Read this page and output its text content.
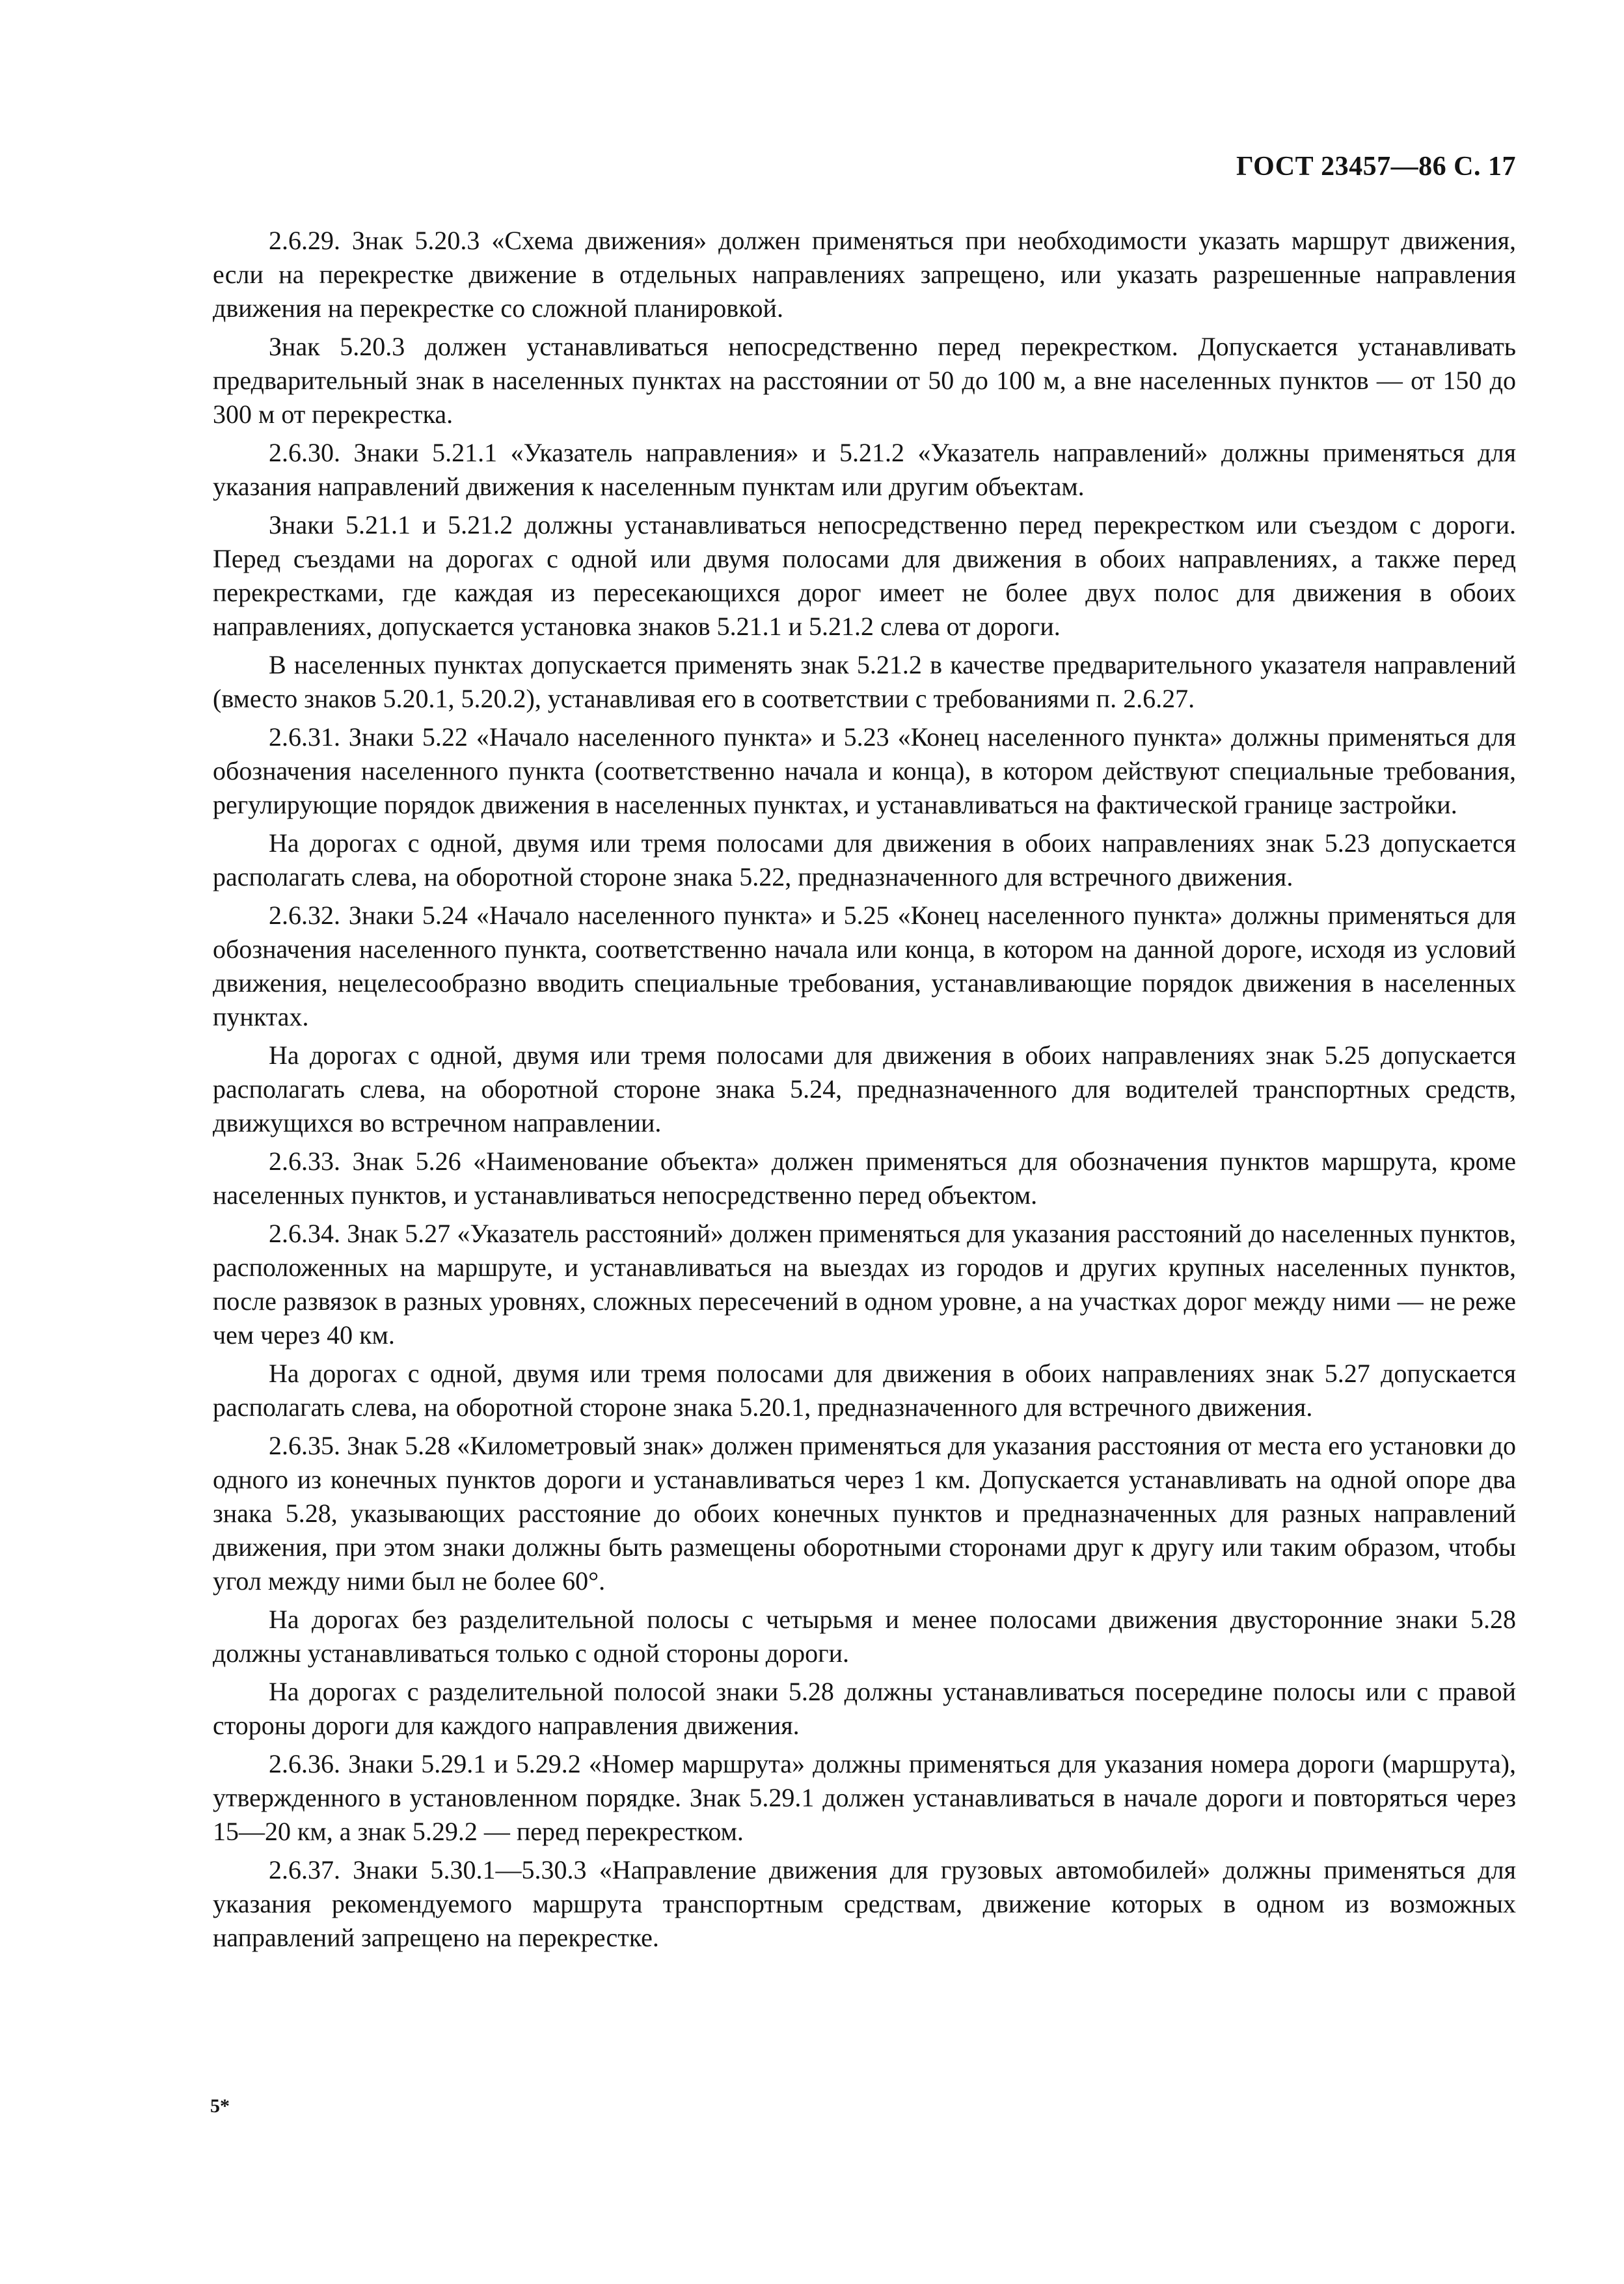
ГОСТ 23457—86 С. 17

2.6.29. Знак 5.20.3 «Схема движения» должен применяться при необходимости указать маршрут движения, если на перекрестке движение в отдельных направлениях запрещено, или указать разрешенные направления движения на перекрестке со сложной планировкой.

Знак 5.20.3 должен устанавливаться непосредственно перед перекрестком. Допускается устанавливать предварительный знак в населенных пунктах на расстоянии от 50 до 100 м, а вне населенных пунктов — от 150 до 300 м от перекрестка.

2.6.30. Знаки 5.21.1 «Указатель направления» и 5.21.2 «Указатель направлений» должны применяться для указания направлений движения к населенным пунктам или другим объектам.

Знаки 5.21.1 и 5.21.2 должны устанавливаться непосредственно перед перекрестком или съездом с дороги. Перед съездами на дорогах с одной или двумя полосами для движения в обоих направлениях, а также перед перекрестками, где каждая из пересекающихся дорог имеет не более двух полос для движения в обоих направлениях, допускается установка знаков 5.21.1 и 5.21.2 слева от дороги.

В населенных пунктах допускается применять знак 5.21.2 в качестве предварительного указателя направлений (вместо знаков 5.20.1, 5.20.2), устанавливая его в соответствии с требованиями п. 2.6.27.

2.6.31. Знаки 5.22 «Начало населенного пункта» и 5.23 «Конец населенного пункта» должны применяться для обозначения населенного пункта (соответственно начала и конца), в котором действуют специальные требования, регулирующие порядок движения в населенных пунктах, и устанавливаться на фактической границе застройки.

На дорогах с одной, двумя или тремя полосами для движения в обоих направлениях знак 5.23 допускается располагать слева, на оборотной стороне знака 5.22, предназначенного для встречного движения.

2.6.32. Знаки 5.24 «Начало населенного пункта» и 5.25 «Конец населенного пункта» должны применяться для обозначения населенного пункта, соответственно начала или конца, в котором на данной дороге, исходя из условий движения, нецелесообразно вводить специальные требования, устанавливающие порядок движения в населенных пунктах.

На дорогах с одной, двумя или тремя полосами для движения в обоих направлениях знак 5.25 допускается располагать слева, на оборотной стороне знака 5.24, предназначенного для водителей транспортных средств, движущихся во встречном направлении.

2.6.33. Знак 5.26 «Наименование объекта» должен применяться для обозначения пунктов маршрута, кроме населенных пунктов, и устанавливаться непосредственно перед объектом.

2.6.34. Знак 5.27 «Указатель расстояний» должен применяться для указания расстояний до населенных пунктов, расположенных на маршруте, и устанавливаться на выездах из городов и других крупных населенных пунктов, после развязок в разных уровнях, сложных пересечений в одном уровне, а на участках дорог между ними — не реже чем через 40 км.

На дорогах с одной, двумя или тремя полосами для движения в обоих направлениях знак 5.27 допускается располагать слева, на оборотной стороне знака 5.20.1, предназначенного для встречного движения.

2.6.35. Знак 5.28 «Километровый знак» должен применяться для указания расстояния от места его установки до одного из конечных пунктов дороги и устанавливаться через 1 км. Допускается устанавливать на одной опоре два знака 5.28, указывающих расстояние до обоих конечных пунктов и предназначенных для разных направлений движения, при этом знаки должны быть размещены оборотными сторонами друг к другу или таким образом, чтобы угол между ними был не более 60°.

На дорогах без разделительной полосы с четырьмя и менее полосами движения двусторонние знаки 5.28 должны устанавливаться только с одной стороны дороги.

На дорогах с разделительной полосой знаки 5.28 должны устанавливаться посередине полосы или с правой стороны дороги для каждого направления движения.

2.6.36. Знаки 5.29.1 и 5.29.2 «Номер маршрута» должны применяться для указания номера дороги (маршрута), утвержденного в установленном порядке. Знак 5.29.1 должен устанавливаться в начале дороги и повторяться через 15—20 км, а знак 5.29.2 — перед перекрестком.

2.6.37. Знаки 5.30.1—5.30.3 «Направление движения для грузовых автомобилей» должны применяться для указания рекомендуемого маршрута транспортным средствам, движение которых в одном из возможных направлений запрещено на перекрестке.

5*
